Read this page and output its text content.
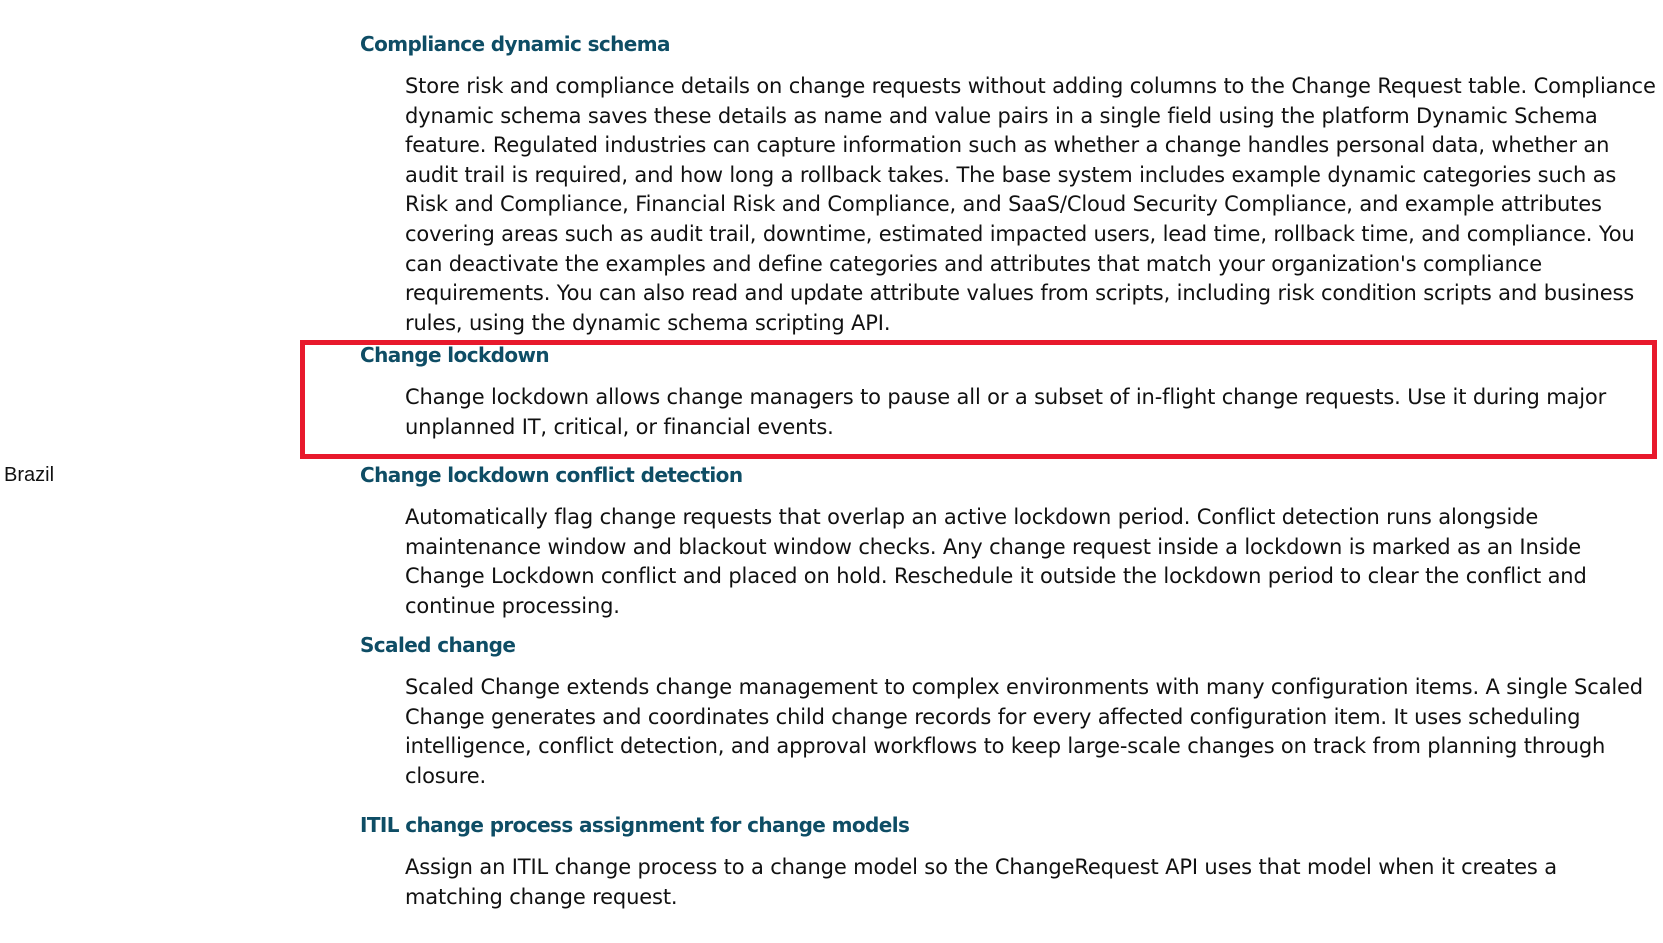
Brazil
Compliance dynamic schema

Store risk and compliance details on change requests without adding columns to the Change Request table. Compliance dynamic schema saves these details as name and value pairs in a single field using the platform Dynamic Schema feature. Regulated industries can capture information such as whether a change handles personal data, whether an audit trail is required, and how long a rollback takes. The base system includes example dynamic categories such as Risk and Compliance, Financial Risk and Compliance, and SaaS/Cloud Security Compliance, and example attributes covering areas such as audit trail, downtime, estimated impacted users, lead time, rollback time, and compliance. You can deactivate the examples and define categories and attributes that match your organization's compliance requirements. You can also read and update attribute values from scripts, including risk condition scripts and business rules, using the dynamic schema scripting API.

Change lockdown

Change lockdown allows change managers to pause all or a subset of in-flight change requests. Use it during major unplanned IT, critical, or financial events.

Change lockdown conflict detection

Automatically flag change requests that overlap an active lockdown period. Conflict detection runs alongside maintenance window and blackout window checks. Any change request inside a lockdown is marked as an Inside Change Lockdown conflict and placed on hold. Reschedule it outside the lockdown period to clear the conflict and continue processing.

Scaled change

Scaled Change extends change management to complex environments with many configuration items. A single Scaled Change generates and coordinates child change records for every affected configuration item. It uses scheduling intelligence, conflict detection, and approval workflows to keep large-scale changes on track from planning through closure.

ITIL change process assignment for change models

Assign an ITIL change process to a change model so the ChangeRequest API uses that model when it creates a matching change request.
